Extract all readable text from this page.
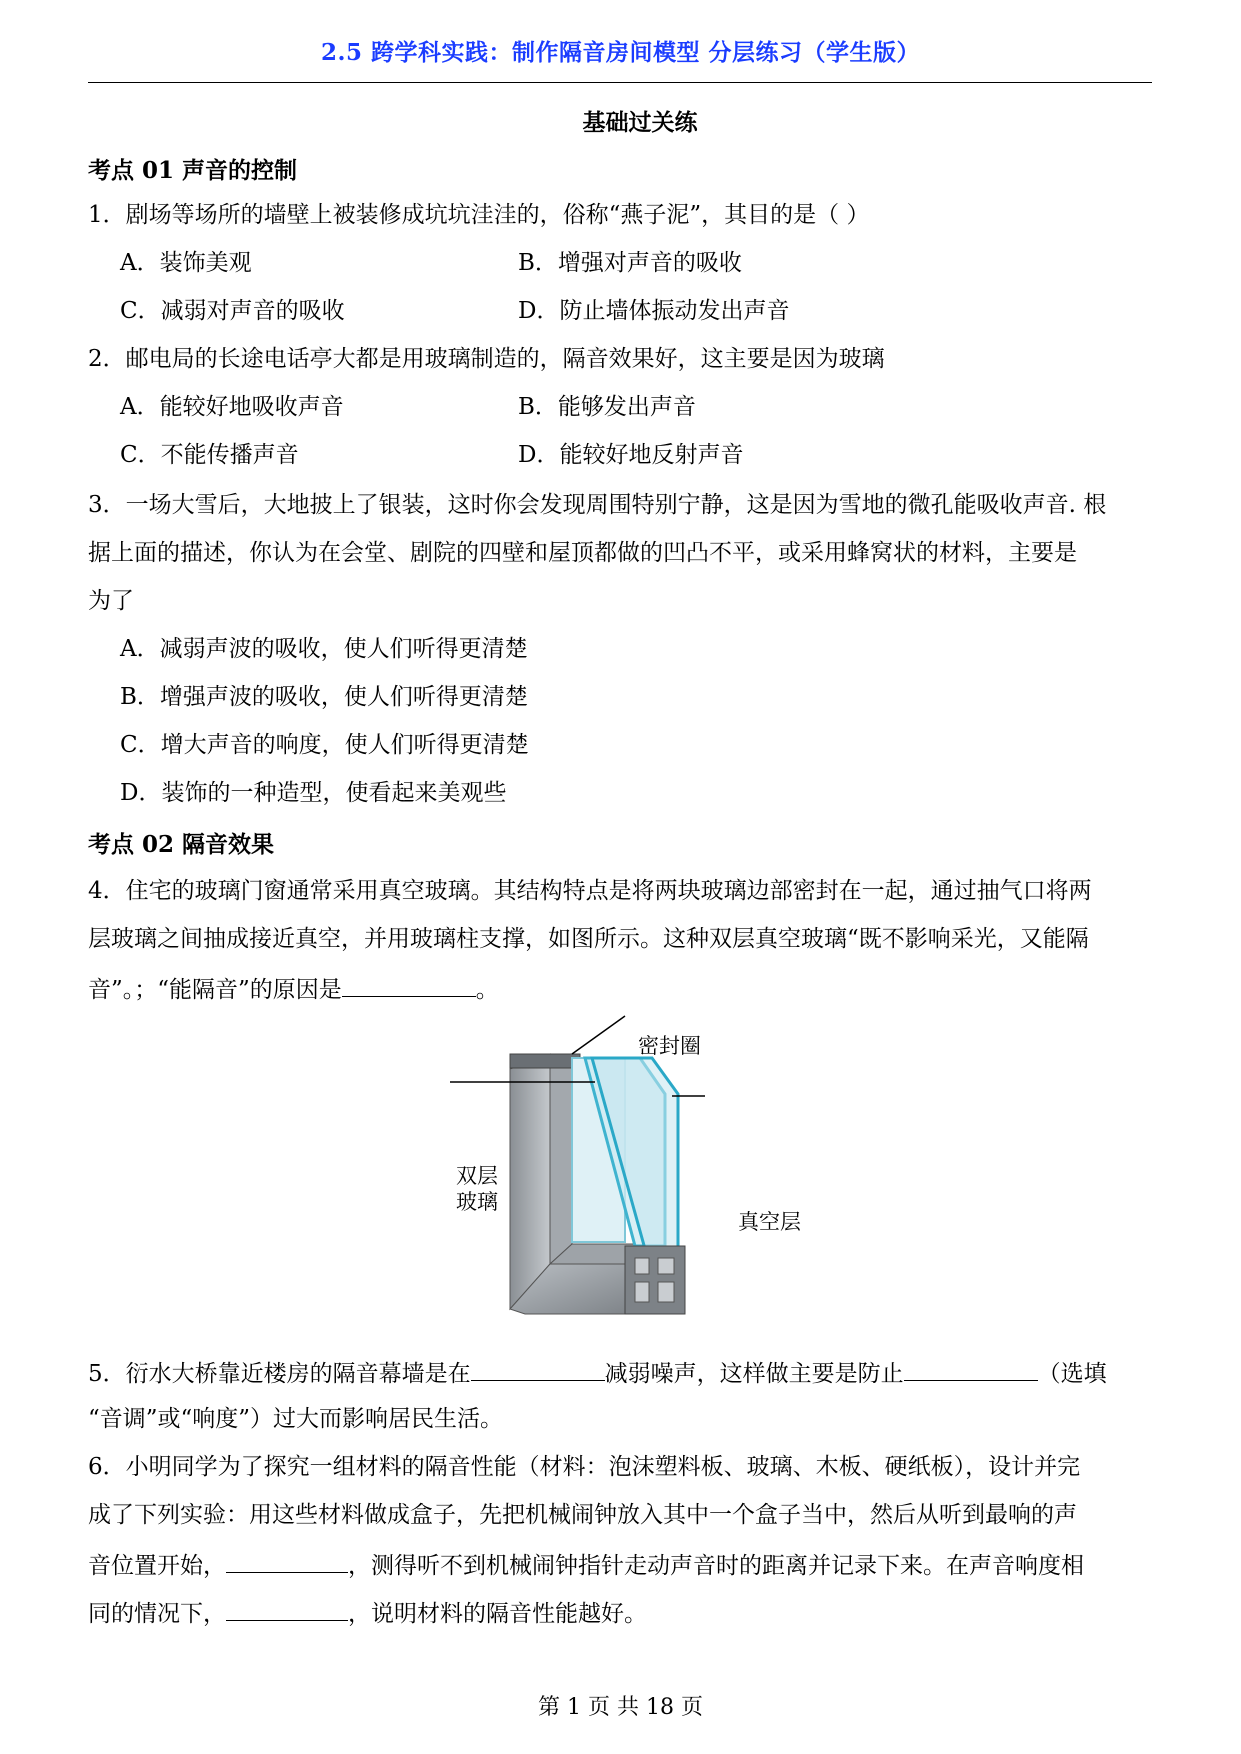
2.5 跨学科实践：制作隔音房间模型 分层练习（学生版）
基础过关练
考点 01 声音的控制
1．剧场等场所的墙壁上被装修成坑坑洼洼的，俗称“燕子泥”，其目的是（ ）
A．装饰美观	B．增强对声音的吸收
C．减弱对声音的吸收	D．防止墙体振动发出声音
2．邮电局的长途电话亭大都是用玻璃制造的，隔音效果好，这主要是因为玻璃
A．能较好地吸收声音	B．能够发出声音
C．不能传播声音	D．能较好地反射声音
3．一场大雪后，大地披上了银装，这时你会发现周围特别宁静，这是因为雪地的微孔能吸收声音. 根
据上面的描述，你认为在会堂、剧院的四壁和屋顶都做的凹凸不平，或采用蜂窝状的材料，主要是
为了
A．减弱声波的吸收，使人们听得更清楚
B．增强声波的吸收，使人们听得更清楚
C．增大声音的响度，使人们听得更清楚
D．装饰的一种造型，使看起来美观些
考点 02 隔音效果
4．住宅的玻璃门窗通常采用真空玻璃。其结构特点是将两块玻璃边部密封在一起，通过抽气口将两
层玻璃之间抽成接近真空，并用玻璃柱支撑，如图所示。这种双层真空玻璃“既不影响采光，又能隔
音”。；“能隔音”的原因是	。
密封圈
双层
玻璃
真空层
5．衍水大桥靠近楼房的隔音幕墙是在	减弱噪声，这样做主要是防止	（选填
“音调”或“响度”）过大而影响居民生活。
6．小明同学为了探究一组材料的隔音性能（材料：泡沫塑料板、玻璃、木板、硬纸板），设计并完
成了下列实验：用这些材料做成盒子，先把机械闹钟放入其中一个盒子当中，然后从听到最响的声
音位置开始，	，测得听不到机械闹钟指针走动声音时的距离并记录下来。在声音响度相
同的情况下，	，说明材料的隔音性能越好。
第 1 页 共 18 页
